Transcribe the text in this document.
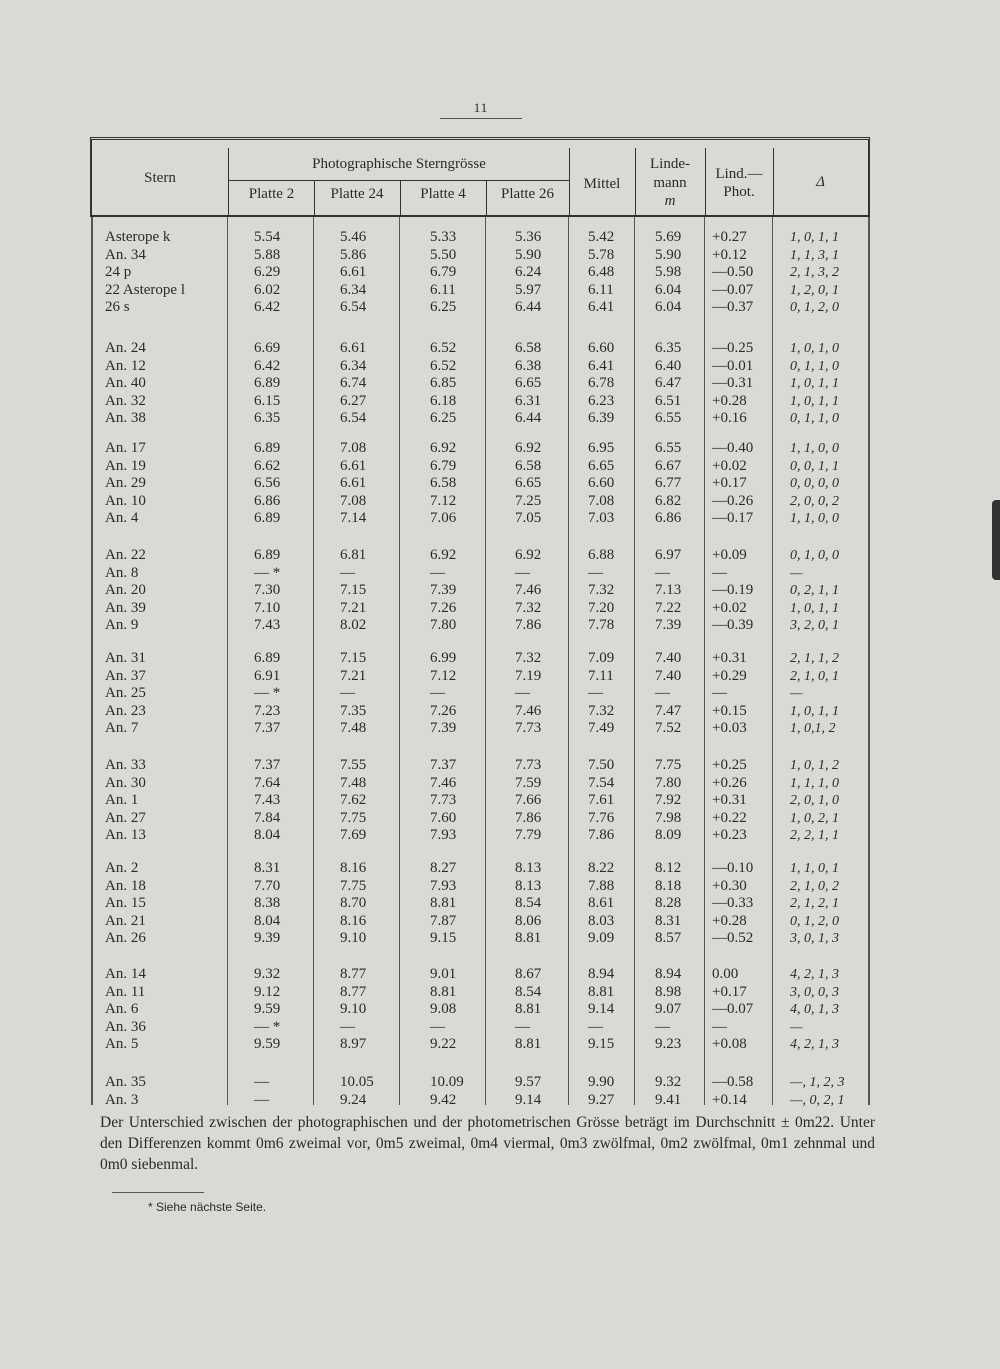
11
Stern
Photographische Sterngrösse
Platte 2	Platte 24	Platte 4	Platte 26
Mittel
Linde-
mann
m
Lind.—
Phot.
Δ
Asterope k	5.54	5.46	5.33	5.36	5.42	5.69 +0.27	1, 0, 1, 1
An. 34	5.88	5.86	5.50	5.90	5.78	5.90 +0.12	1, 1, 3, 1
24 p	6.29	6.61	6.79	6.24	6.48	5.98 —0.50	2, 1, 3, 2
22 Asterope l	6.02	6.34	6.11	5.97	6.11	6.04 —0.07	1, 2, 0, 1
26 s	6.42	6.54	6.25	6.44	6.41	6.04 —0.37	0, 1, 2, 0
An. 24	6.69	6.61	6.52	6.58	6.60	6.35 —0.25	1, 0, 1, 0
An. 12	6.42	6.34	6.52	6.38	6.41	6.40 —0.01	0, 1, 1, 0
An. 40	6.89	6.74	6.85	6.65	6.78	6.47 —0.31	1, 0, 1, 1
An. 32	6.15	6.27	6.18	6.31	6.23	6.51 +0.28	1, 0, 1, 1
An. 38	6.35	6.54	6.25	6.44	6.39	6.55 +0.16	0, 1, 1, 0
An. 17	6.89	7.08	6.92	6.92	6.95	6.55 —0.40	1, 1, 0, 0
An. 19	6.62	6.61	6.79	6.58	6.65	6.67 +0.02	0, 0, 1, 1
An. 29	6.56	6.61	6.58	6.65	6.60	6.77 +0.17	0, 0, 0, 0
An. 10	6.86	7.08	7.12	7.25	7.08	6.82 —0.26	2, 0, 0, 2
An. 4	6.89	7.14	7.06	7.05	7.03	6.86 —0.17	1, 1, 0, 0
An. 22	6.89	6.81	6.92	6.92	6.88	6.97 +0.09	0, 1, 0, 0
An. 8	— *	—	—	—	—	—	—	—
An. 20	7.30	7.15	7.39	7.46	7.32	7.13 —0.19	0, 2, 1, 1
An. 39	7.10	7.21	7.26	7.32	7.20	7.22 +0.02	1, 0, 1, 1
An. 9	7.43	8.02	7.80	7.86	7.78	7.39 —0.39	3, 2, 0, 1
An. 31	6.89	7.15	6.99	7.32	7.09	7.40 +0.31	2, 1, 1, 2
An. 37	6.91	7.21	7.12	7.19	7.11	7.40 +0.29	2, 1, 0, 1
An. 25	— *	—	—	—	—	—	—	—
An. 23	7.23	7.35	7.26	7.46	7.32	7.47 +0.15	1, 0, 1, 1
An. 7	7.37	7.48	7.39	7.73	7.49	7.52 +0.03	1, 0,1, 2
An. 33	7.37	7.55	7.37	7.73	7.50	7.75 +0.25	1, 0, 1, 2
An. 30	7.64	7.48	7.46	7.59	7.54	7.80 +0.26	1, 1, 1, 0
An. 1	7.43	7.62	7.73	7.66	7.61	7.92 +0.31	2, 0, 1, 0
An. 27	7.84	7.75	7.60	7.86	7.76	7.98 +0.22	1, 0, 2, 1
An. 13	8.04	7.69	7.93	7.79	7.86	8.09 +0.23	2, 2, 1, 1
An. 2	8.31	8.16	8.27	8.13	8.22	8.12 —0.10	1, 1, 0, 1
An. 18	7.70	7.75	7.93	8.13	7.88	8.18 +0.30	2, 1, 0, 2
An. 15	8.38	8.70	8.81	8.54	8.61	8.28 —0.33	2, 1, 2, 1
An. 21	8.04	8.16	7.87	8.06	8.03	8.31 +0.28	0, 1, 2, 0
An. 26	9.39	9.10	9.15	8.81	9.09	8.57 —0.52	3, 0, 1, 3
An. 14	9.32	8.77	9.01	8.67	8.94	8.94 0.00	4, 2, 1, 3
An. 11	9.12	8.77	8.81	8.54	8.81	8.98 +0.17	3, 0, 0, 3
An. 6	9.59	9.10	9.08	8.81	9.14	9.07 —0.07	4, 0, 1, 3
An. 36	— *	—	—	—	—	—	—	—
An. 5	9.59	8.97	9.22	8.81	9.15	9.23 +0.08	4, 2, 1, 3
An. 35	—	10.05	10.09	9.57	9.90	9.32 —0.58	—, 1, 2, 3
An. 3	—	9.24	9.42	9.14	9.27	9.41 +0.14	—, 0, 2, 1
Der Unterschied zwischen der photographischen und der photometrischen Grösse beträgt im Durchschnitt ± 0m22. Unter den Differenzen kommt 0m6 zweimal vor, 0m5 zweimal, 0m4 viermal, 0m3 zwölfmal, 0m2 zwölfmal, 0m1 zehnmal und 0m0 siebenmal.
* Siehe nächste Seite.
